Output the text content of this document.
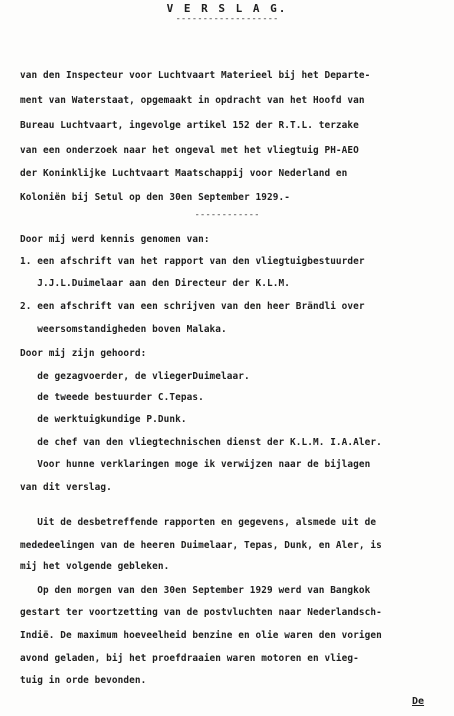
V E R S L A G.
-------------------
van den Inspecteur voor Luchtvaart Materieel bij het Departe-
ment van Waterstaat, opgemaakt in opdracht van het Hoofd van
Bureau Luchtvaart, ingevolge artikel 152 der R.T.L. terzake
van een onderzoek naar het ongeval met het vliegtuig PH-AEO
der Koninklijke Luchtvaart Maatschappij voor Nederland en
Koloniën bij Setul op den 30en September 1929.-
------------
Door mij werd kennis genomen van:
1. een afschrift van het rapport van den vliegtuigbestuurder
J.J.L.Duimelaar aan den Directeur der K.L.M.
2. een afschrift van een schrijven van den heer Brändli over
weersomstandigheden boven Malaka.
Door mij zijn gehoord:
de gezagvoerder, de vliegerDuimelaar.
de tweede bestuurder C.Tepas.
de werktuigkundige P.Dunk.
de chef van den vliegtechnischen dienst der K.L.M. I.A.Aler.
Voor hunne verklaringen moge ik verwijzen naar de bijlagen
van dit verslag.
Uit de desbetreffende rapporten en gegevens, alsmede uit de
mededeelingen van de heeren Duimelaar, Tepas, Dunk, en Aler, is
mij het volgende gebleken.
Op den morgen van den 30en September 1929 werd van Bangkok
gestart ter voortzetting van de postvluchten naar Nederlandsch-
Indië. De maximum hoeveelheid benzine en olie waren den vorigen
avond geladen, bij het proefdraaien waren motoren en vlieg-
tuig in orde bevonden.
De
